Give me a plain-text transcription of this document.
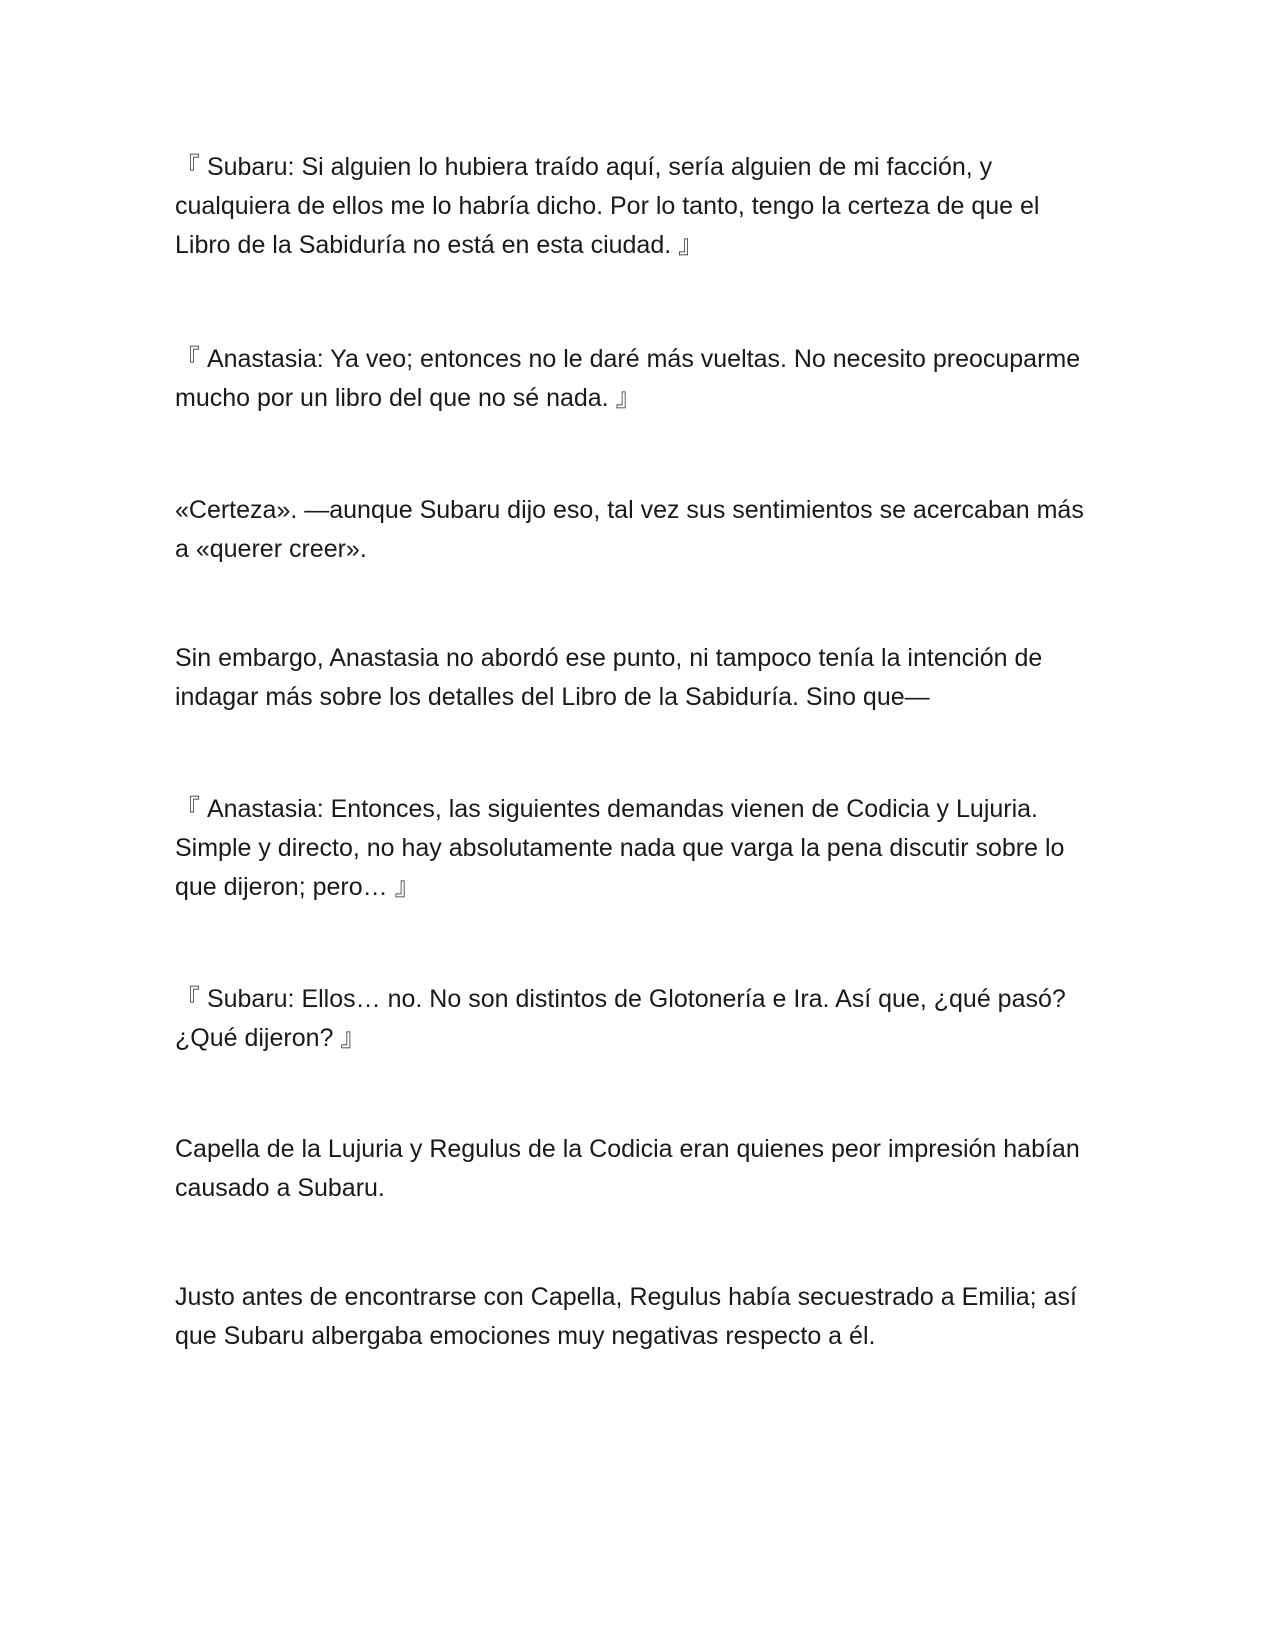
『 Subaru: Si alguien lo hubiera traído aquí, sería alguien de mi facción, y cualquiera de ellos me lo habría dicho. Por lo tanto, tengo la certeza de que el Libro de la Sabiduría no está en esta ciudad. 』

『 Anastasia: Ya veo; entonces no le daré más vueltas. No necesito preocuparme mucho por un libro del que no sé nada. 』

«Certeza». —aunque Subaru dijo eso, tal vez sus sentimientos se acercaban más a «querer creer».

Sin embargo, Anastasia no abordó ese punto, ni tampoco tenía la intención de indagar más sobre los detalles del Libro de la Sabiduría. Sino que—

『 Anastasia: Entonces, las siguientes demandas vienen de Codicia y Lujuria. Simple y directo, no hay absolutamente nada que varga la pena discutir sobre lo que dijeron; pero… 』

『 Subaru: Ellos… no. No son distintos de Glotonería e Ira. Así que, ¿qué pasó? ¿Qué dijeron? 』

Capella de la Lujuria y Regulus de la Codicia eran quienes peor impresión habían causado a Subaru.

Justo antes de encontrarse con Capella, Regulus había secuestrado a Emilia; así que Subaru albergaba emociones muy negativas respecto a él.
